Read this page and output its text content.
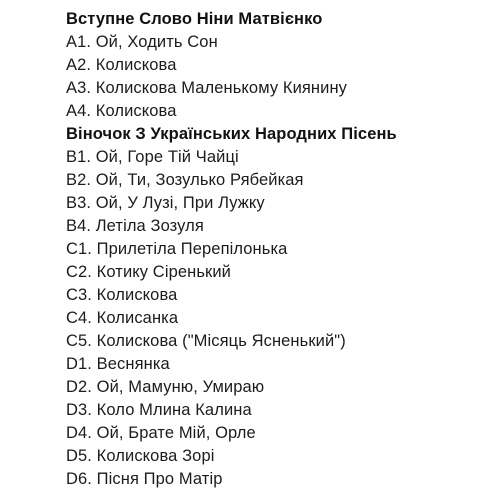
Вступне Слово Ніни Матвієнко
A1. Ой, Ходить Сон
A2. Колискова
A3. Колискова Маленькому Киянину
A4. Колискова
Віночок З Українських Народних Пісень
B1. Ой, Горе Тій Чайці
B2. Ой, Ти, Зозулько Рябейкая
B3. Ой, У Лузі, При Лужку
B4. Летіла Зозуля
C1. Прилетіла Перепілонька
C2. Котику Сіренький
C3. Колискова
C4. Колисанка
C5. Колискова ("Місяць Ясненький")
D1. Веснянка
D2. Ой, Мамуню, Умираю
D3. Коло Млина Калина
D4. Ой, Брате Мій, Орле
D5. Колискова Зорі
D6. Пісня Про Матір
